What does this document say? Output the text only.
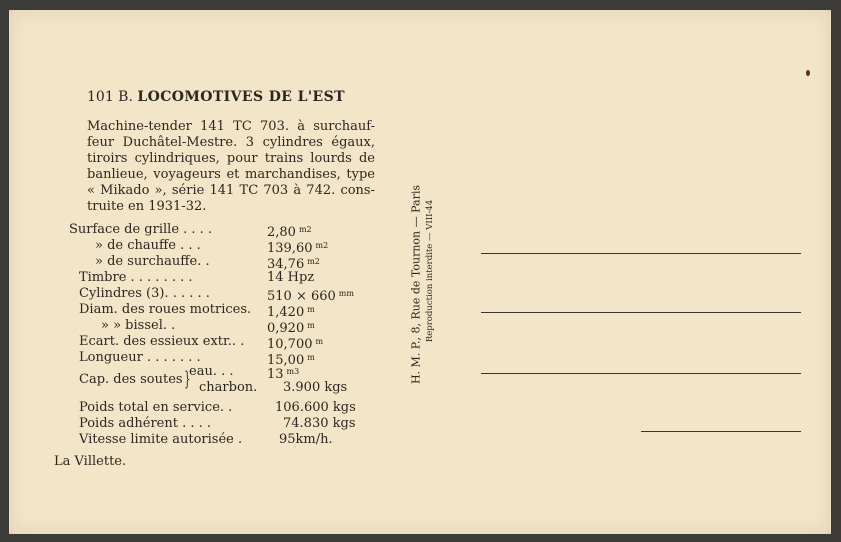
101 B. LOCOMOTIVES DE L'EST
Machine-tender 141 TC 703. à surchauf-
feur Duchâtel-Mestre. 3 cylindres égaux,
tiroirs cylindriques, pour trains lourds de
banlieue, voyageurs et marchandises, type
« Mikado », série 141 TC 703 à 742. cons-
truite en 1931-32.
Surface de grille . . . .	2,80 $^{m2}$
» de chauffe . . .	139,60 $^{m2}$
» de surchauffe. .	34,76 $^{m2}$
Timbre . . . . . . . .	14 Hpz
Cylindres (3). . . . . .	510 × 660 $^{mm}$
Diam. des roues motrices. 1,420 $^m$
» » bissel. .	0,920 $^m$
Ecart. des essieux extr.. . 10,700 $^m$
Longueur . . . . . . .	15,00 $^m$
Cap. des soutes }
eau. . .	13 $^{m3}$
charbon. 3.900 kgs
Poids total en service. .	106.600 kgs
Poids adhérent . . . .	74.830 kgs
Vitesse limite autorisée .	95km/h.
La Villette.
H. M. P., 8, Rue de Tournon — Paris Reproduction interdite — VIII-44
